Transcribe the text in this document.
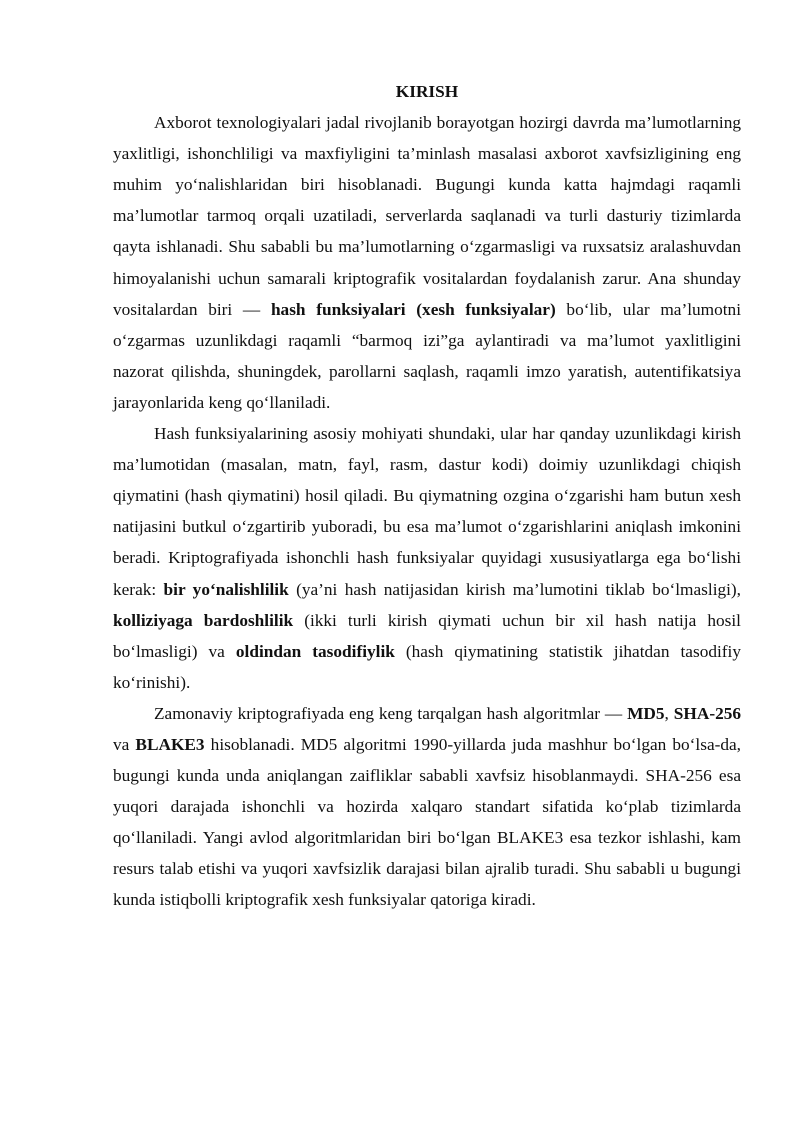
KIRISH

Axborot texnologiyalari jadal rivojlanib borayotgan hozirgi davrda ma’lumotlarning yaxlitligi, ishonchliligi va maxfiyligini ta’minlash masalasi axborot xavfsizligining eng muhim yo‘nalishlaridan biri hisoblanadi. Bugungi kunda katta hajmdagi raqamli ma’lumotlar tarmoq orqali uzatiladi, serverlarda saqlanadi va turli dasturiy tizimlarda qayta ishlanadi. Shu sababli bu ma’lumotlarning o‘zgarmasligi va ruxsatsiz aralashuvdan himoyalanishi uchun samarali kriptografik vositalardan foydalanish zarur. Ana shunday vositalardan biri — hash funksiyalari (xesh funksiyalar) bo‘lib, ular ma’lumotni o‘zgarmas uzunlikdagi raqamli “barmoq izi”ga aylantiradi va ma’lumot yaxlitligini nazorat qilishda, shuningdek, parollarni saqlash, raqamli imzo yaratish, autentifikatsiya jarayonlarida keng qo‘llaniladi.

Hash funksiyalarining asosiy mohiyati shundaki, ular har qanday uzunlikdagi kirish ma’lumotidan (masalan, matn, fayl, rasm, dastur kodi) doimiy uzunlikdagi chiqish qiymatini (hash qiymatini) hosil qiladi. Bu qiymatning ozgina o‘zgarishi ham butun xesh natijasini butkul o‘zgartirib yuboradi, bu esa ma’lumot o‘zgarishlarini aniqlash imkonini beradi. Kriptografiyada ishonchli hash funksiyalar quyidagi xususiyatlarga ega bo‘lishi kerak: bir yo‘nalishlilik (ya’ni hash natijasidan kirish ma’lumotini tiklab bo‘lmasligi), kolliziyaga bardoshlilik (ikki turli kirish qiymati uchun bir xil hash natija hosil bo‘lmasligi) va oldindan tasodifiylik (hash qiymatining statistik jihatdan tasodifiy ko‘rinishi).

Zamonaviy kriptografiyada eng keng tarqalgan hash algoritmlar — MD5, SHA-256 va BLAKE3 hisoblanadi. MD5 algoritmi 1990-yillarda juda mashhur bo‘lgan bo‘lsa-da, bugungi kunda unda aniqlangan zaifliklar sababli xavfsiz hisoblanmaydi. SHA-256 esa yuqori darajada ishonchli va hozirda xalqaro standart sifatida ko‘plab tizimlarda qo‘llaniladi. Yangi avlod algoritmlaridan biri bo‘lgan BLAKE3 esa tezkor ishlashi, kam resurs talab etishi va yuqori xavfsizlik darajasi bilan ajralib turadi. Shu sababli u bugungi kunda istiqbolli kriptografik xesh funksiyalar qatoriga kiradi.
